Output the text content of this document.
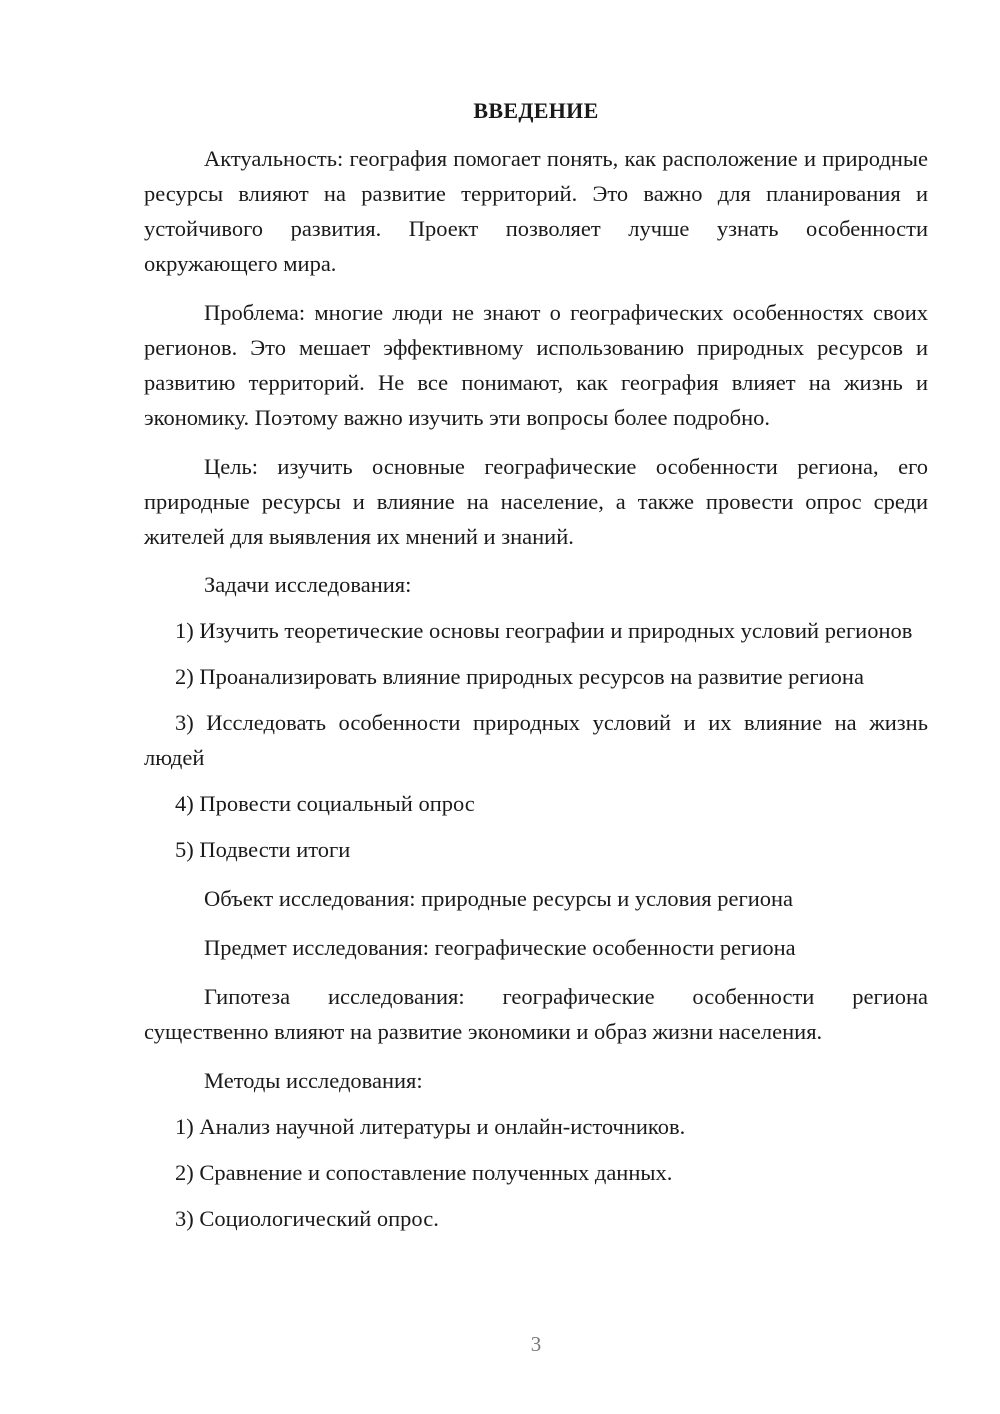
ВВЕДЕНИЕ

Актуальность: география помогает понять, как расположение и природные ресурсы влияют на развитие территорий. Это важно для планирования и устойчивого развития. Проект позволяет лучше узнать особенности окружающего мира.

Проблема: многие люди не знают о географических особенностях своих регионов. Это мешает эффективному использованию природных ресурсов и развитию территорий. Не все понимают, как география влияет на жизнь и экономику. Поэтому важно изучить эти вопросы более подробно.

Цель: изучить основные географические особенности региона, его природные ресурсы и влияние на население, а также провести опрос среди жителей для выявления их мнений и знаний.

Задачи исследования:

1) Изучить теоретические основы географии и природных условий регионов

2) Проанализировать влияние природных ресурсов на развитие региона

3) Исследовать особенности природных условий и их влияние на жизнь людей

4) Провести социальный опрос

5) Подвести итоги

Объект исследования: природные ресурсы и условия региона

Предмет исследования: географические особенности региона

Гипотеза исследования: географические особенности региона существенно влияют на развитие экономики и образ жизни населения.

Методы исследования:

1) Анализ научной литературы и онлайн-источников.

2) Сравнение и сопоставление полученных данных.

3) Социологический опрос.

3
